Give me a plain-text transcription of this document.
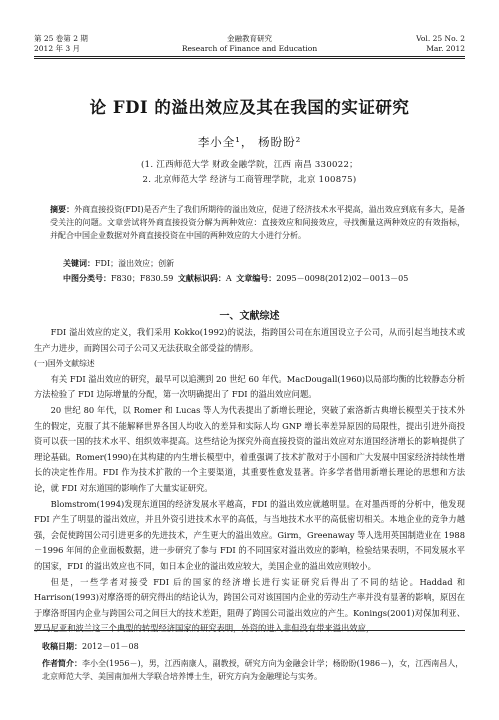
第 25 卷第 2 期
2012 年 3 月
金融教育研究
Research of Finance and Education
Vol. 25 No. 2
Mar. 2012
论 FDI 的溢出效应及其在我国的实证研究
李小全¹， 杨盼盼²
(1. 江西师范大学 财政金融学院，江西 南昌 330022；
2. 北京师范大学 经济与工商管理学院，北京 100875)
摘要：外商直接投资(FDI)是否产生了我们所期待的溢出效应，促进了经济技术水平提高，溢出效应到底有多大，是备受关注的问题。文章尝试将外商直接投资分解为两种效应：直接效应和间接效应，寻找衡量这两种效应的有效指标，并配合中国企业数据对外商直接投资在中国的两种效应的大小进行分析。
关键词：FDI；溢出效应；创新
中图分类号：F830；F830.59 文献标识码：A 文章编号：2095－0098(2012)02－0013－05
一、文献综述

FDI 溢出效应的定义，我们采用 Kokko(1992)的说法，指跨国公司在东道国设立子公司，从而引起当地技术或生产力进步，而跨国公司子公司又无法获取全部受益的情形。

(一)国外文献综述

有关 FDI 溢出效应的研究，最早可以追溯到 20 世纪 60 年代。MacDougall(1960)以局部均衡的比较静态分析方法检验了 FDI 边际增量的分配，第一次明确提出了 FDI 的溢出效应问题。

20 世纪 80 年代，以 Romer 和 Lucas 等人为代表提出了新增长理论，突破了索洛新古典增长模型关于技术外生的假定，克服了其不能解释世界各国人均收入的差异和实际人均 GNP 增长率差异原因的局限性，提出引进外商投资可以获一国的技术水平、组织效率提高。这些结论为探究外商直接投资的溢出效应对东道国经济增长的影响提供了理论基础。Romer(1990)在其构建的内生增长模型中，着重强调了技术扩散对于小国和广大发展中国家经济持续性增长的决定性作用。FDI 作为技术扩散的一个主要渠道，其重要性愈发显著。许多学者借用新增长理论的思想和方法论，就 FDI 对东道国的影响作了大量实证研究。

Blomstrom(1994)发现东道国的经济发展水平越高，FDI 的溢出效应就越明显。在对墨西哥的分析中，他发现 FDI 产生了明显的溢出效应，并且外资引进技术水平的高低，与当地技术水平的高低密切相关。本地企业的竞争力越强，会促使跨国公司引进更多的先进技术，产生更大的溢出效应。Girm，Greenaway 等人选用英国制造业在 1988－1996 年间的企业面板数据，进一步研究了参与 FDI 的不同国家对溢出效应的影响，检验结果表明，不同发展水平的国家，FDI 的溢出效应也不同，如日本企业的溢出效应较大，美国企业的溢出效应则较小。

但是，一些学者对接受 FDI 后的国家的经济增长进行实证研究后得出了不同的结论。Haddad 和 Harrison(1993)对摩洛哥的研究得出的结论认为，跨国公司对该国国内企业的劳动生产率并没有显著的影响，原因在于摩洛哥国内企业与跨国公司之间巨大的技术差距，阻碍了跨国公司溢出效应的产生。Konings(2001)对保加利亚、罗马尼亚和波兰这三个典型的转型经济国家的研究表明，外资的进入非但没有带来溢出效应，

收稿日期：2012－01－08
作者简介：李小全(1956－)，男，江西南康人，副教授，研究方向为金融会计学；杨盼盼(1986－)，女，江西南昌人，北京师范大学、美国南加州大学联合培养博士生，研究方向为金融理论与实务。
